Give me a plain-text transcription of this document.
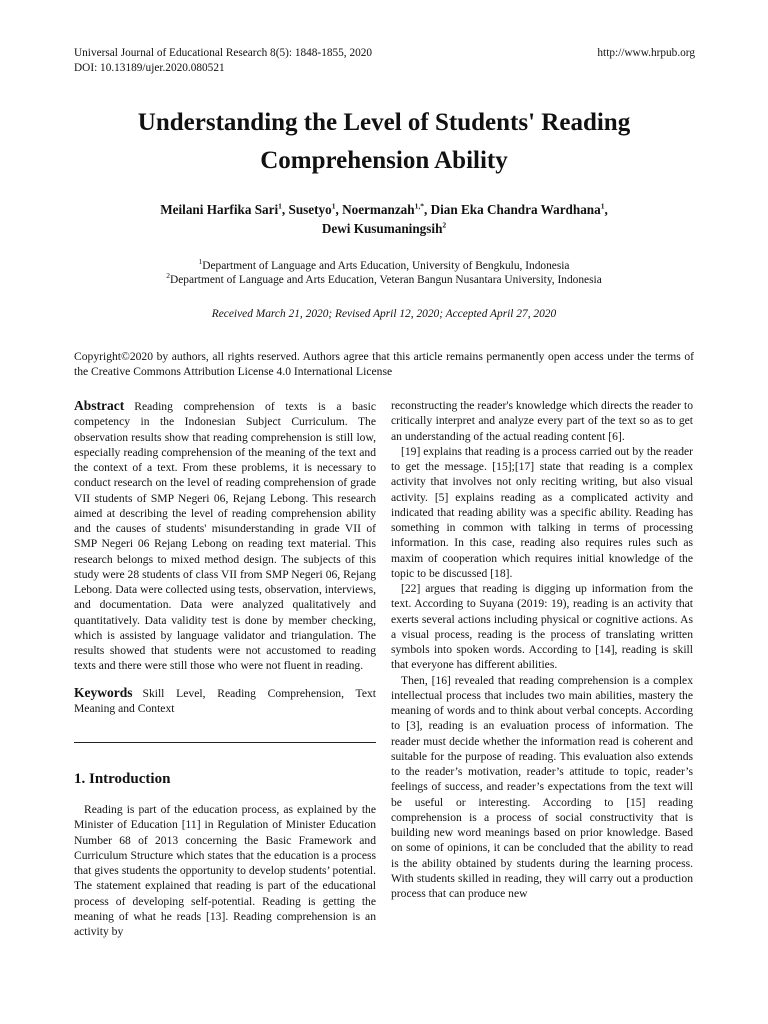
Universal Journal of Educational Research 8(5): 1848-1855, 2020
DOI: 10.13189/ujer.2020.080521
http://www.hrpub.org
Understanding the Level of Students' Reading Comprehension Ability
Meilani Harfika Sari$^1$, Susetyo$^1$, Noermanzah$^{1,*}$, Dian Eka Chandra Wardhana$^1$,
Dewi Kusumaningsih$^2$
$^1$Department of Language and Arts Education, University of Bengkulu, Indonesia
$^2$Department of Language and Arts Education, Veteran Bangun Nusantara University, Indonesia
Received March 21, 2020; Revised April 12, 2020; Accepted April 27, 2020
Copyright©2020 by authors, all rights reserved. Authors agree that this article remains permanently open access under the terms of the Creative Commons Attribution License 4.0 International License

Abstract Reading comprehension of texts is a basic competency in the Indonesian Subject Curriculum. The observation results show that reading comprehension is still low, especially reading comprehension of the meaning of the text and the context of a text. From these problems, it is necessary to conduct research on the level of reading comprehension of grade VII students of SMP Negeri 06, Rejang Lebong. This research aimed at describing the level of reading comprehension ability and the causes of students' misunderstanding in grade VII of SMP Negeri 06 Rejang Lebong on reading text material. This research belongs to mixed method design. The subjects of this study were 28 students of class VII from SMP Negeri 06, Rejang Lebong. Data were collected using tests, observation, interviews, and documentation. Data were analyzed qualitatively and quantitatively. Data validity test is done by member checking, which is assisted by language validator and triangulation. The results showed that students were not accustomed to reading texts and there were still those who were not fluent in reading.

Keywords Skill Level, Reading Comprehension, Text Meaning and Context

1. Introduction

Reading is part of the education process, as explained by the Minister of Education [11] in Regulation of Minister Education Number 68 of 2013 concerning the Basic Framework and Curriculum Structure which states that the education is a process that gives students the opportunity to develop students’ potential. The statement explained that reading is part of the educational process of developing self-potential. Reading is getting the meaning of what he reads [13]. Reading comprehension is an activity by

reconstructing the reader's knowledge which directs the reader to critically interpret and analyze every part of the text so as to get an understanding of the actual reading content [6].

[19] explains that reading is a process carried out by the reader to get the message. [15];[17] state that reading is a complex activity that involves not only reciting writing, but also visual activity. [5] explains reading as a complicated activity and indicated that reading ability was a specific ability. Reading has something in common with talking in terms of processing information. In this case, reading also requires rules such as maxim of cooperation which requires initial knowledge of the topic to be discussed [18].

[22] argues that reading is digging up information from the text. According to Suyana (2019: 19), reading is an activity that exerts several actions including physical or cognitive actions. As a visual process, reading is the process of translating written symbols into spoken words. According to [14], reading is skill that everyone has different abilities.

Then, [16] revealed that reading comprehension is a complex intellectual process that includes two main abilities, mastery the meaning of words and to think about verbal concepts. According to [3], reading is an evaluation process of information. The reader must decide whether the information read is coherent and suitable for the purpose of reading. This evaluation also extends to the reader’s motivation, reader’s attitude to topic, reader’s feelings of success, and reader’s expectations from the text will be useful or interesting. According to [15] reading comprehension is a process of social constructivity that is building new word meanings based on prior knowledge. Based on some of opinions, it can be concluded that the ability to read is the ability obtained by students during the learning process. With students skilled in reading, they will carry out a production process that can produce new
